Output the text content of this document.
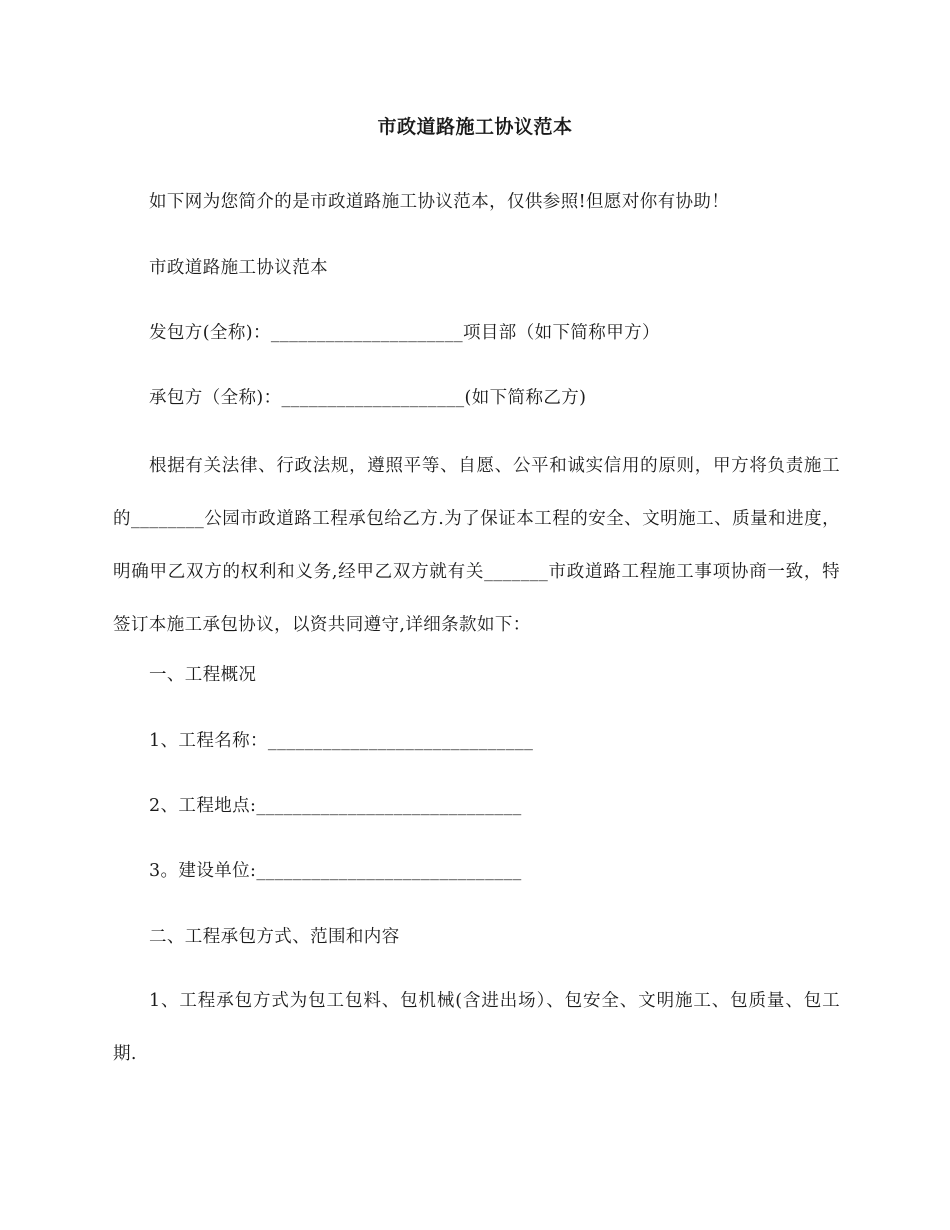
市政道路施工协议范本
如下网为您简介的是市政道路施工协议范本，仅供参照!但愿对你有协助！
市政道路施工协议范本
发包方(全称)：_____________________项目部（如下简称甲方）
承包方（全称)：____________________(如下简称乙方)
根据有关法律、行政法规，遵照平等、自愿、公平和诚实信用的原则，甲方将负责施工的________公园市政道路工程承包给乙方.为了保证本工程的安全、文明施工、质量和进度，明确甲乙双方的权利和义务,经甲乙双方就有关_______市政道路工程施工事项协商一致，特签订本施工承包协议，以资共同遵守,详细条款如下：
一、工程概况
1、工程名称：_____________________________
2、工程地点:_____________________________
3。建设单位:_____________________________
二、工程承包方式、范围和内容
1、工程承包方式为包工包料、包机械(含进出场）、包安全、文明施工、包质量、包工期.
